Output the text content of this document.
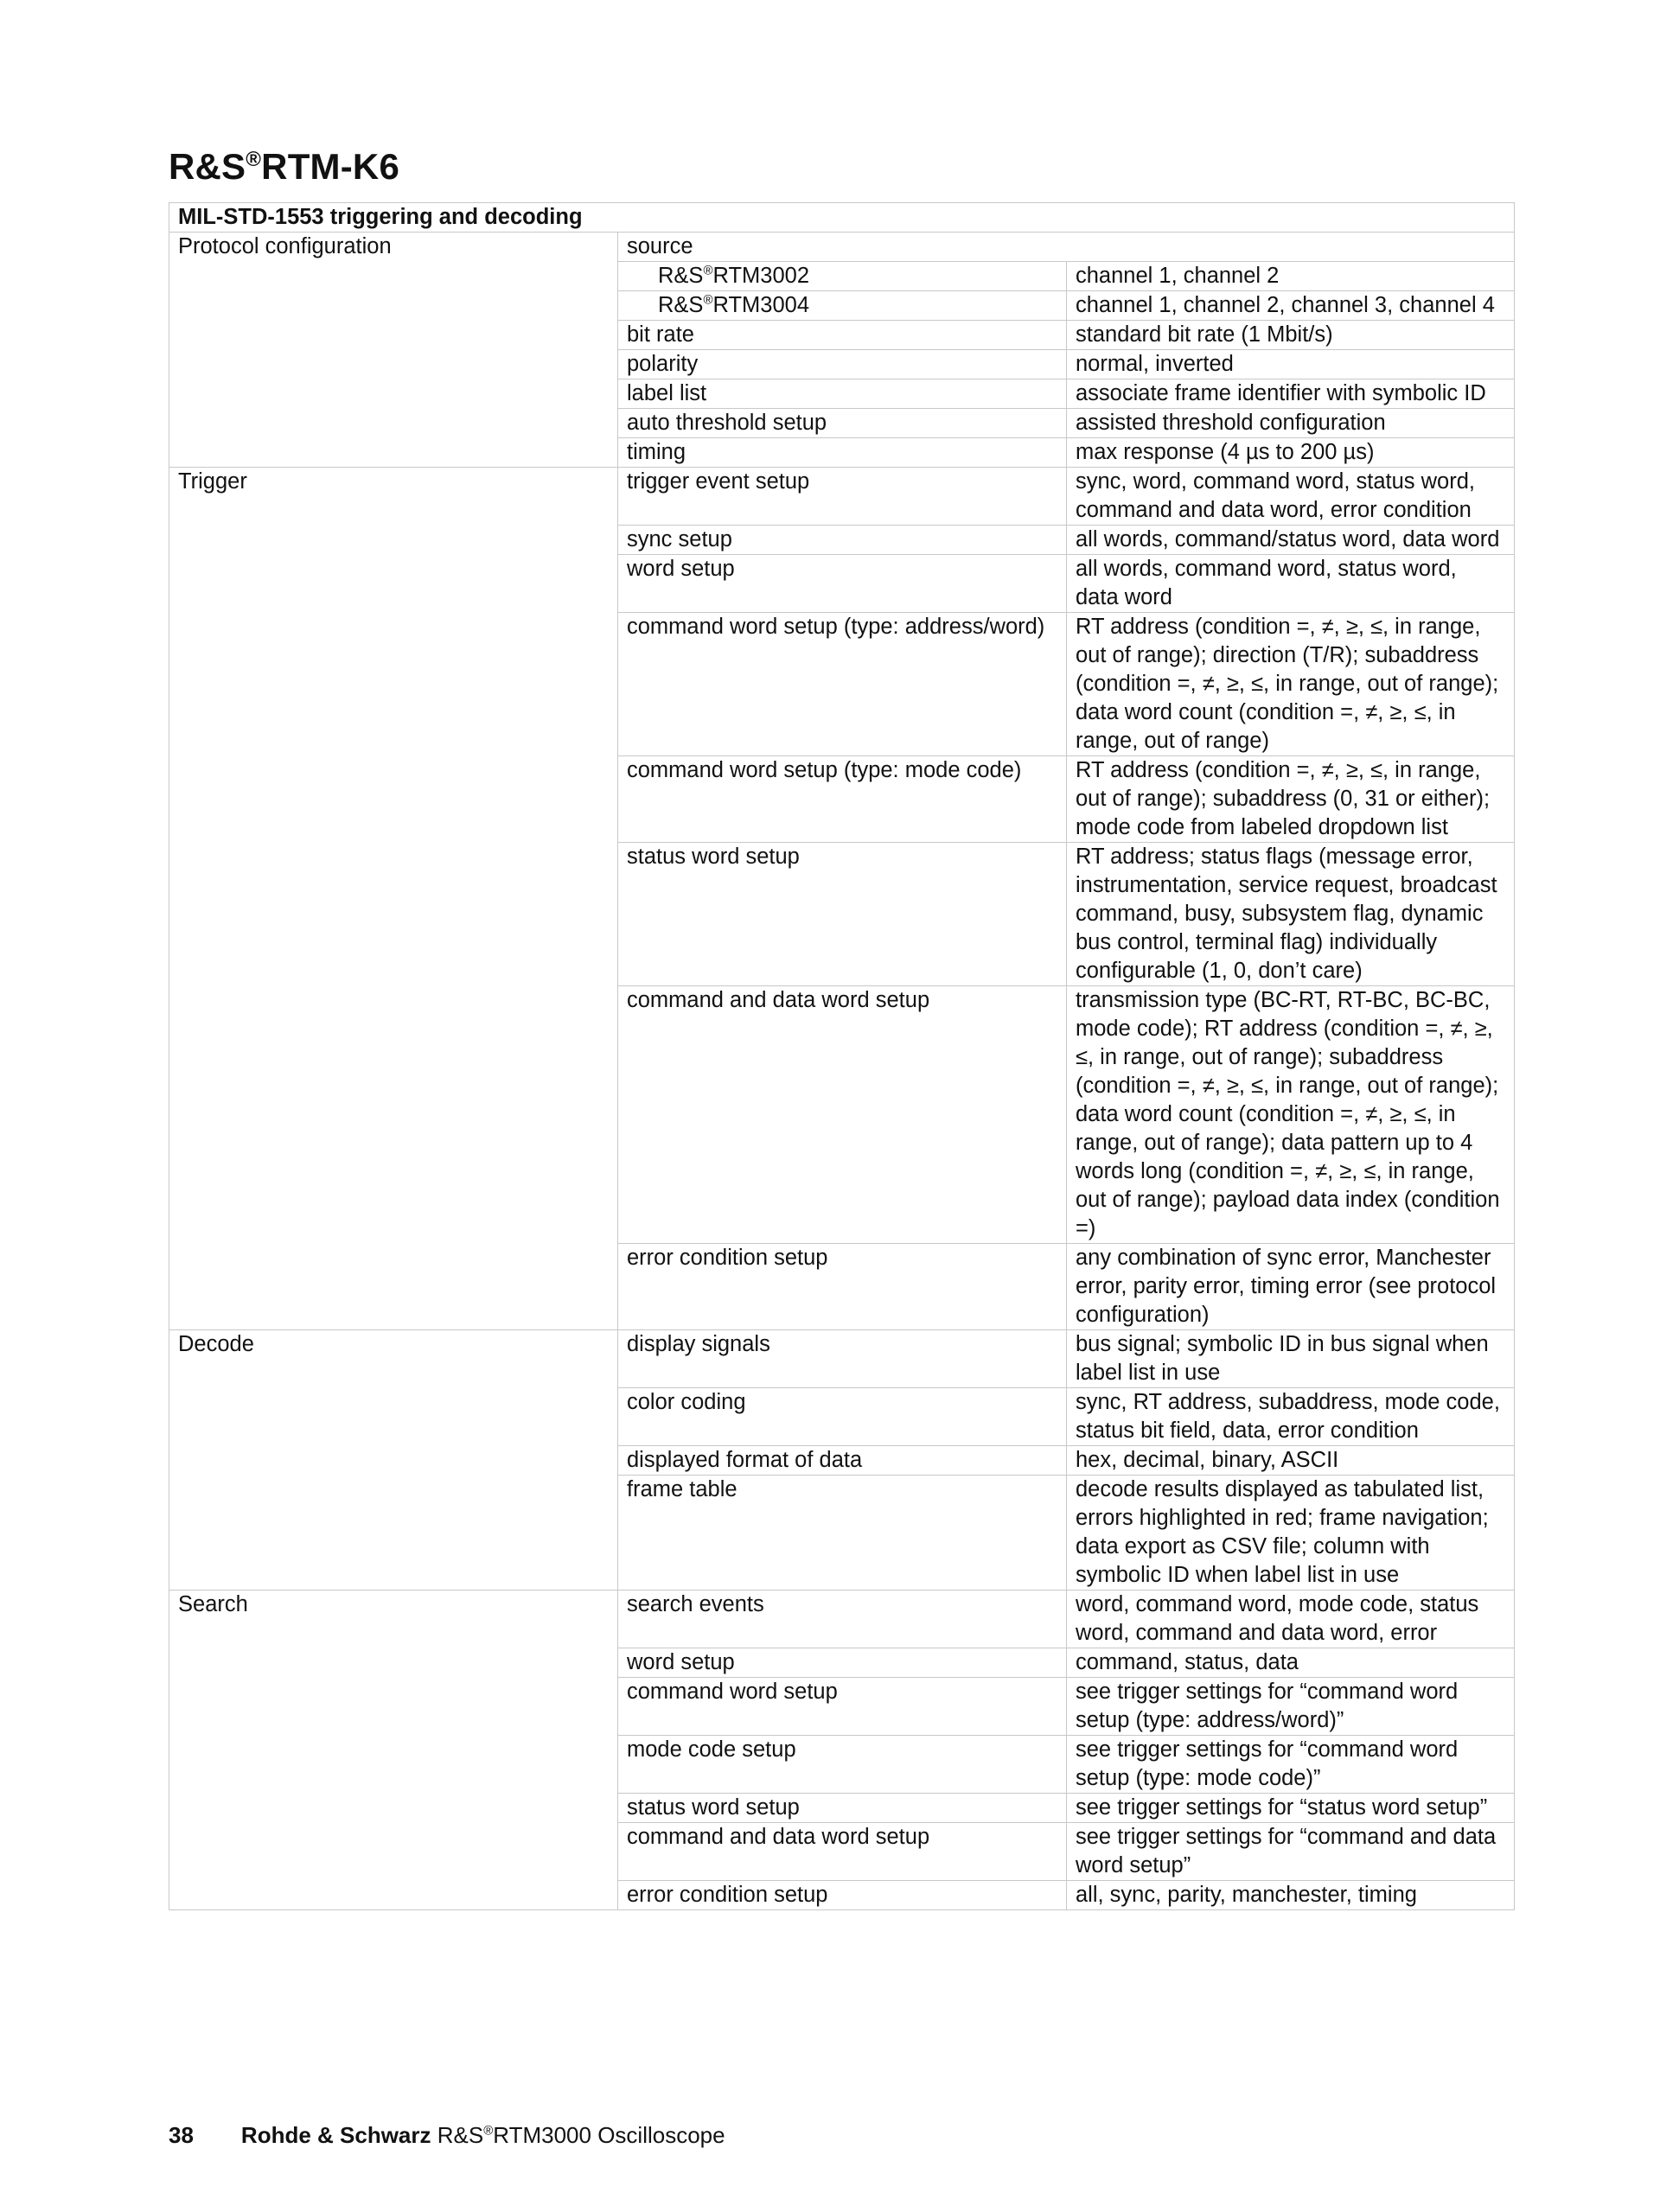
R&S®RTM-K6
MIL-STD-1553 triggering and decoding		
Protocol configuration	source	
	R&S®RTM3002	channel 1, channel 2
	R&S®RTM3004	channel 1, channel 2, channel 3, channel 4
	bit rate	standard bit rate (1 Mbit/s)
	polarity	normal, inverted
	label list	associate frame identifier with symbolic ID
	auto threshold setup	assisted threshold configuration
	timing	max response (4 µs to 200 µs)
Trigger	trigger event setup	sync, word, command word, status word, command and data word, error condition
	sync setup	all words, command/status word, data word
	word setup	all words, command word, status word, data word
	command word setup (type: address/word)	RT address (condition =, ≠, ≥, ≤, in range, out of range); direction (T/R); subaddress (condition =, ≠, ≥, ≤, in range, out of range); data word count (condition =, ≠, ≥, ≤, in range, out of range)
	command word setup (type: mode code)	RT address (condition =, ≠, ≥, ≤, in range, out of range); subaddress (0, 31 or either); mode code from labeled dropdown list
	status word setup	RT address; status flags (message error, instrumentation, service request, broadcast command, busy, subsystem flag, dynamic bus control, terminal flag) individually configurable (1, 0, don’t care)
	command and data word setup	transmission type (BC-RT, RT-BC, BC-BC, mode code); RT address (condition =, ≠, ≥, ≤, in range, out of range); subaddress (condition =, ≠, ≥, ≤, in range, out of range); data word count (condition =, ≠, ≥, ≤, in range, out of range); data pattern up to 4 words long (condition =, ≠, ≥, ≤, in range, out of range); payload data index (condition =)
	error condition setup	any combination of sync error, Manchester error, parity error, timing error (see protocol configuration)
Decode	display signals	bus signal; symbolic ID in bus signal when label list in use
	color coding	sync, RT address, subaddress, mode code, status bit field, data, error condition
	displayed format of data	hex, decimal, binary, ASCII
	frame table	decode results displayed as tabulated list, errors highlighted in red; frame navigation; data export as CSV file; column with symbolic ID when label list in use
Search	search events	word, command word, mode code, status word, command and data word, error
	word setup	command, status, data
	command word setup	see trigger settings for “command word setup (type: address/word)”
	mode code setup	see trigger settings for “command word setup (type: mode code)”
	status word setup	see trigger settings for “status word setup”
	command and data word setup	see trigger settings for “command and data word setup”
	error condition setup	all, sync, parity, manchester, timing
38 Rohde & Schwarz R&S®RTM3000 Oscilloscope
